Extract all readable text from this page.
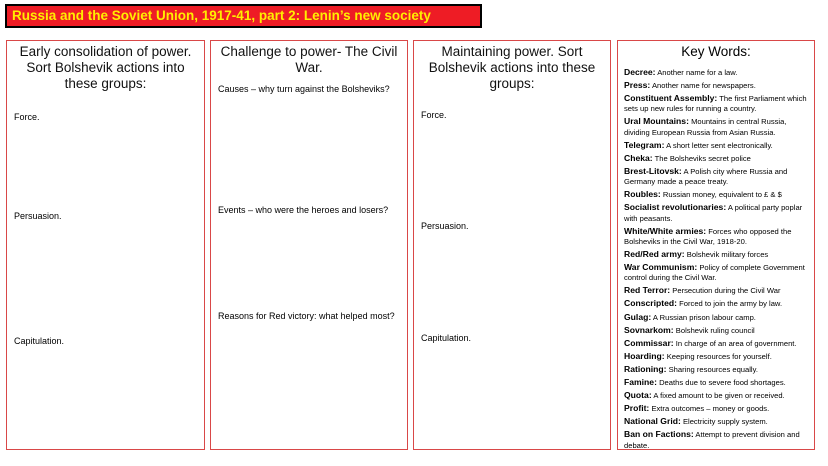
Russia and the Soviet Union, 1917-41, part 2: Lenin’s new society
Early consolidation of power. Sort Bolshevik actions into these groups:
Force.
Persuasion.
Capitulation.
Challenge to power- The Civil War.
Causes – why turn against the Bolsheviks?
Events – who were the heroes and losers?
Reasons for Red victory: what helped most?
Maintaining power. Sort Bolshevik actions into these groups:
Force.
Persuasion.
Capitulation.
Key Words:
Decree: Another name for a law.
Press: Another name for newspapers.
Constituent Assembly: The first Parliament which sets up new rules for running a country.
Ural Mountains: Mountains in central Russia, dividing European Russia from Asian Russia.
Telegram: A short letter sent electronically.
Cheka: The Bolsheviks secret police
Brest-Litovsk: A Polish city where Russia and Germany made a peace treaty.
Roubles: Russian money, equivalent to £ & $
Socialist revolutionaries: A political party poplar with peasants.
White/White armies: Forces who opposed the Bolsheviks in the Civil War, 1918-20.
Red/Red army: Bolshevik military forces
War Communism: Policy of complete Government control during the Civil War.
Red Terror: Persecution during the Civil War
Conscripted: Forced to join the army by law.
Gulag: A Russian prison labour camp.
Sovnarkom: Bolshevik ruling council
Commissar: In charge of an area of government.
Hoarding: Keeping resources for yourself.
Rationing: Sharing resources equally.
Famine: Deaths due to severe food shortages.
Quota: A fixed amount to be given or received.
Profit: Extra outcomes – money or goods.
National Grid: Electricity supply system.
Ban on Factions: Attempt to prevent division and debate.
